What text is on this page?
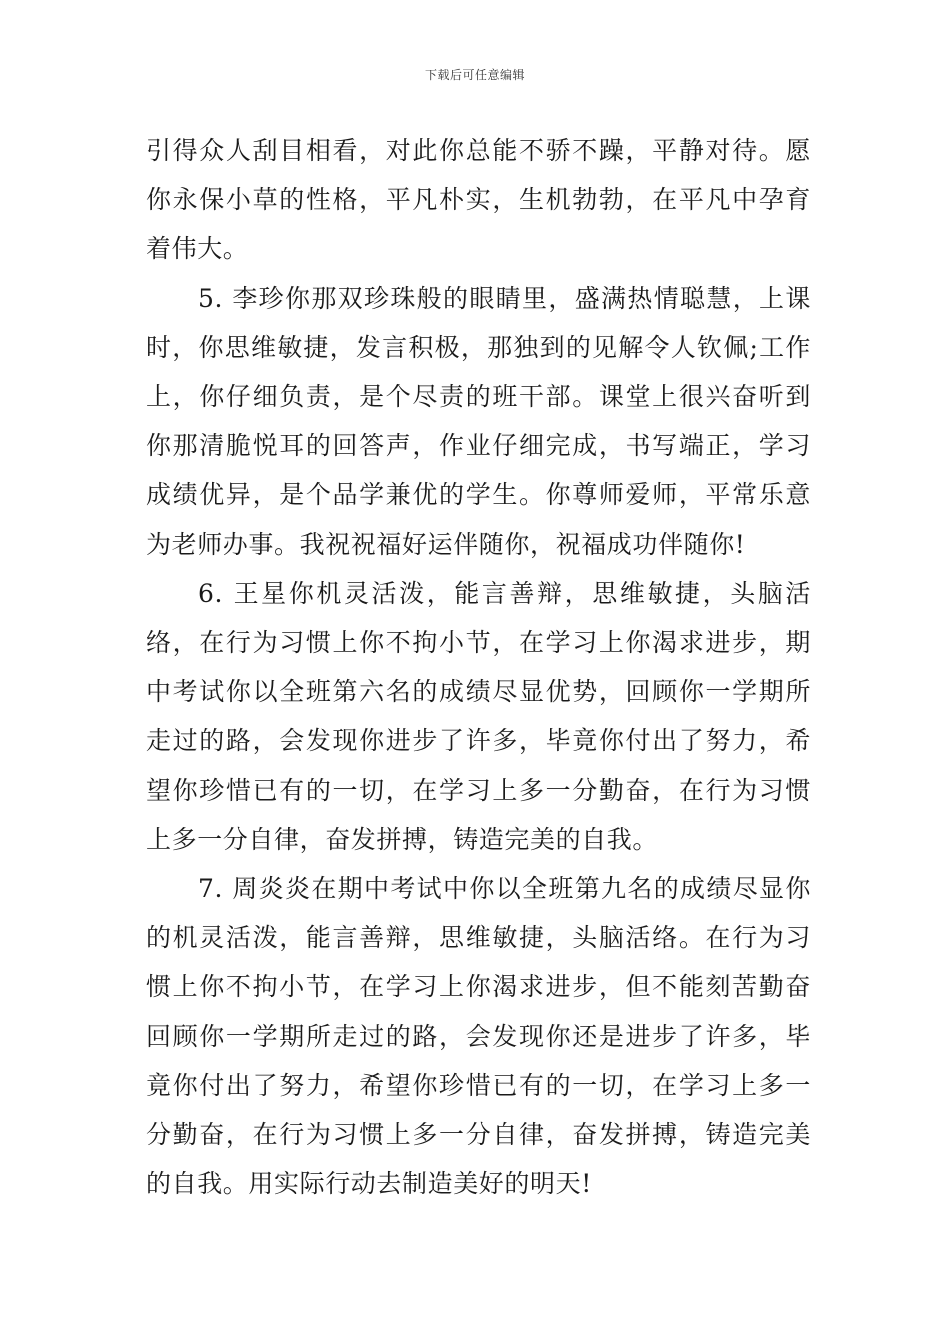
下载后可任意编辑

引得众人刮目相看，对此你总能不骄不躁，平静对待。愿你永保小草的性格，平凡朴实，生机勃勃，在平凡中孕育着伟大。

5. 李珍你那双珍珠般的眼睛里，盛满热情聪慧，上课时，你思维敏捷，发言积极，那独到的见解令人钦佩;工作上，你仔细负责，是个尽责的班干部。课堂上很兴奋听到你那清脆悦耳的回答声，作业仔细完成，书写端正，学习成绩优异，是个品学兼优的学生。你尊师爱师，平常乐意为老师办事。我祝祝福好运伴随你，祝福成功伴随你!

6. 王星你机灵活泼，能言善辩，思维敏捷，头脑活络，在行为习惯上你不拘小节，在学习上你渴求进步，期中考试你以全班第六名的成绩尽显优势，回顾你一学期所走过的路，会发现你进步了许多，毕竟你付出了努力，希望你珍惜已有的一切，在学习上多一分勤奋，在行为习惯上多一分自律，奋发拼搏，铸造完美的自我。

7. 周炎炎在期中考试中你以全班第九名的成绩尽显你的机灵活泼，能言善辩，思维敏捷，头脑活络。在行为习惯上你不拘小节，在学习上你渴求进步，但不能刻苦勤奋回顾你一学期所走过的路，会发现你还是进步了许多，毕竟你付出了努力，希望你珍惜已有的一切，在学习上多一分勤奋，在行为习惯上多一分自律，奋发拼搏，铸造完美的自我。用实际行动去制造美好的明天!
